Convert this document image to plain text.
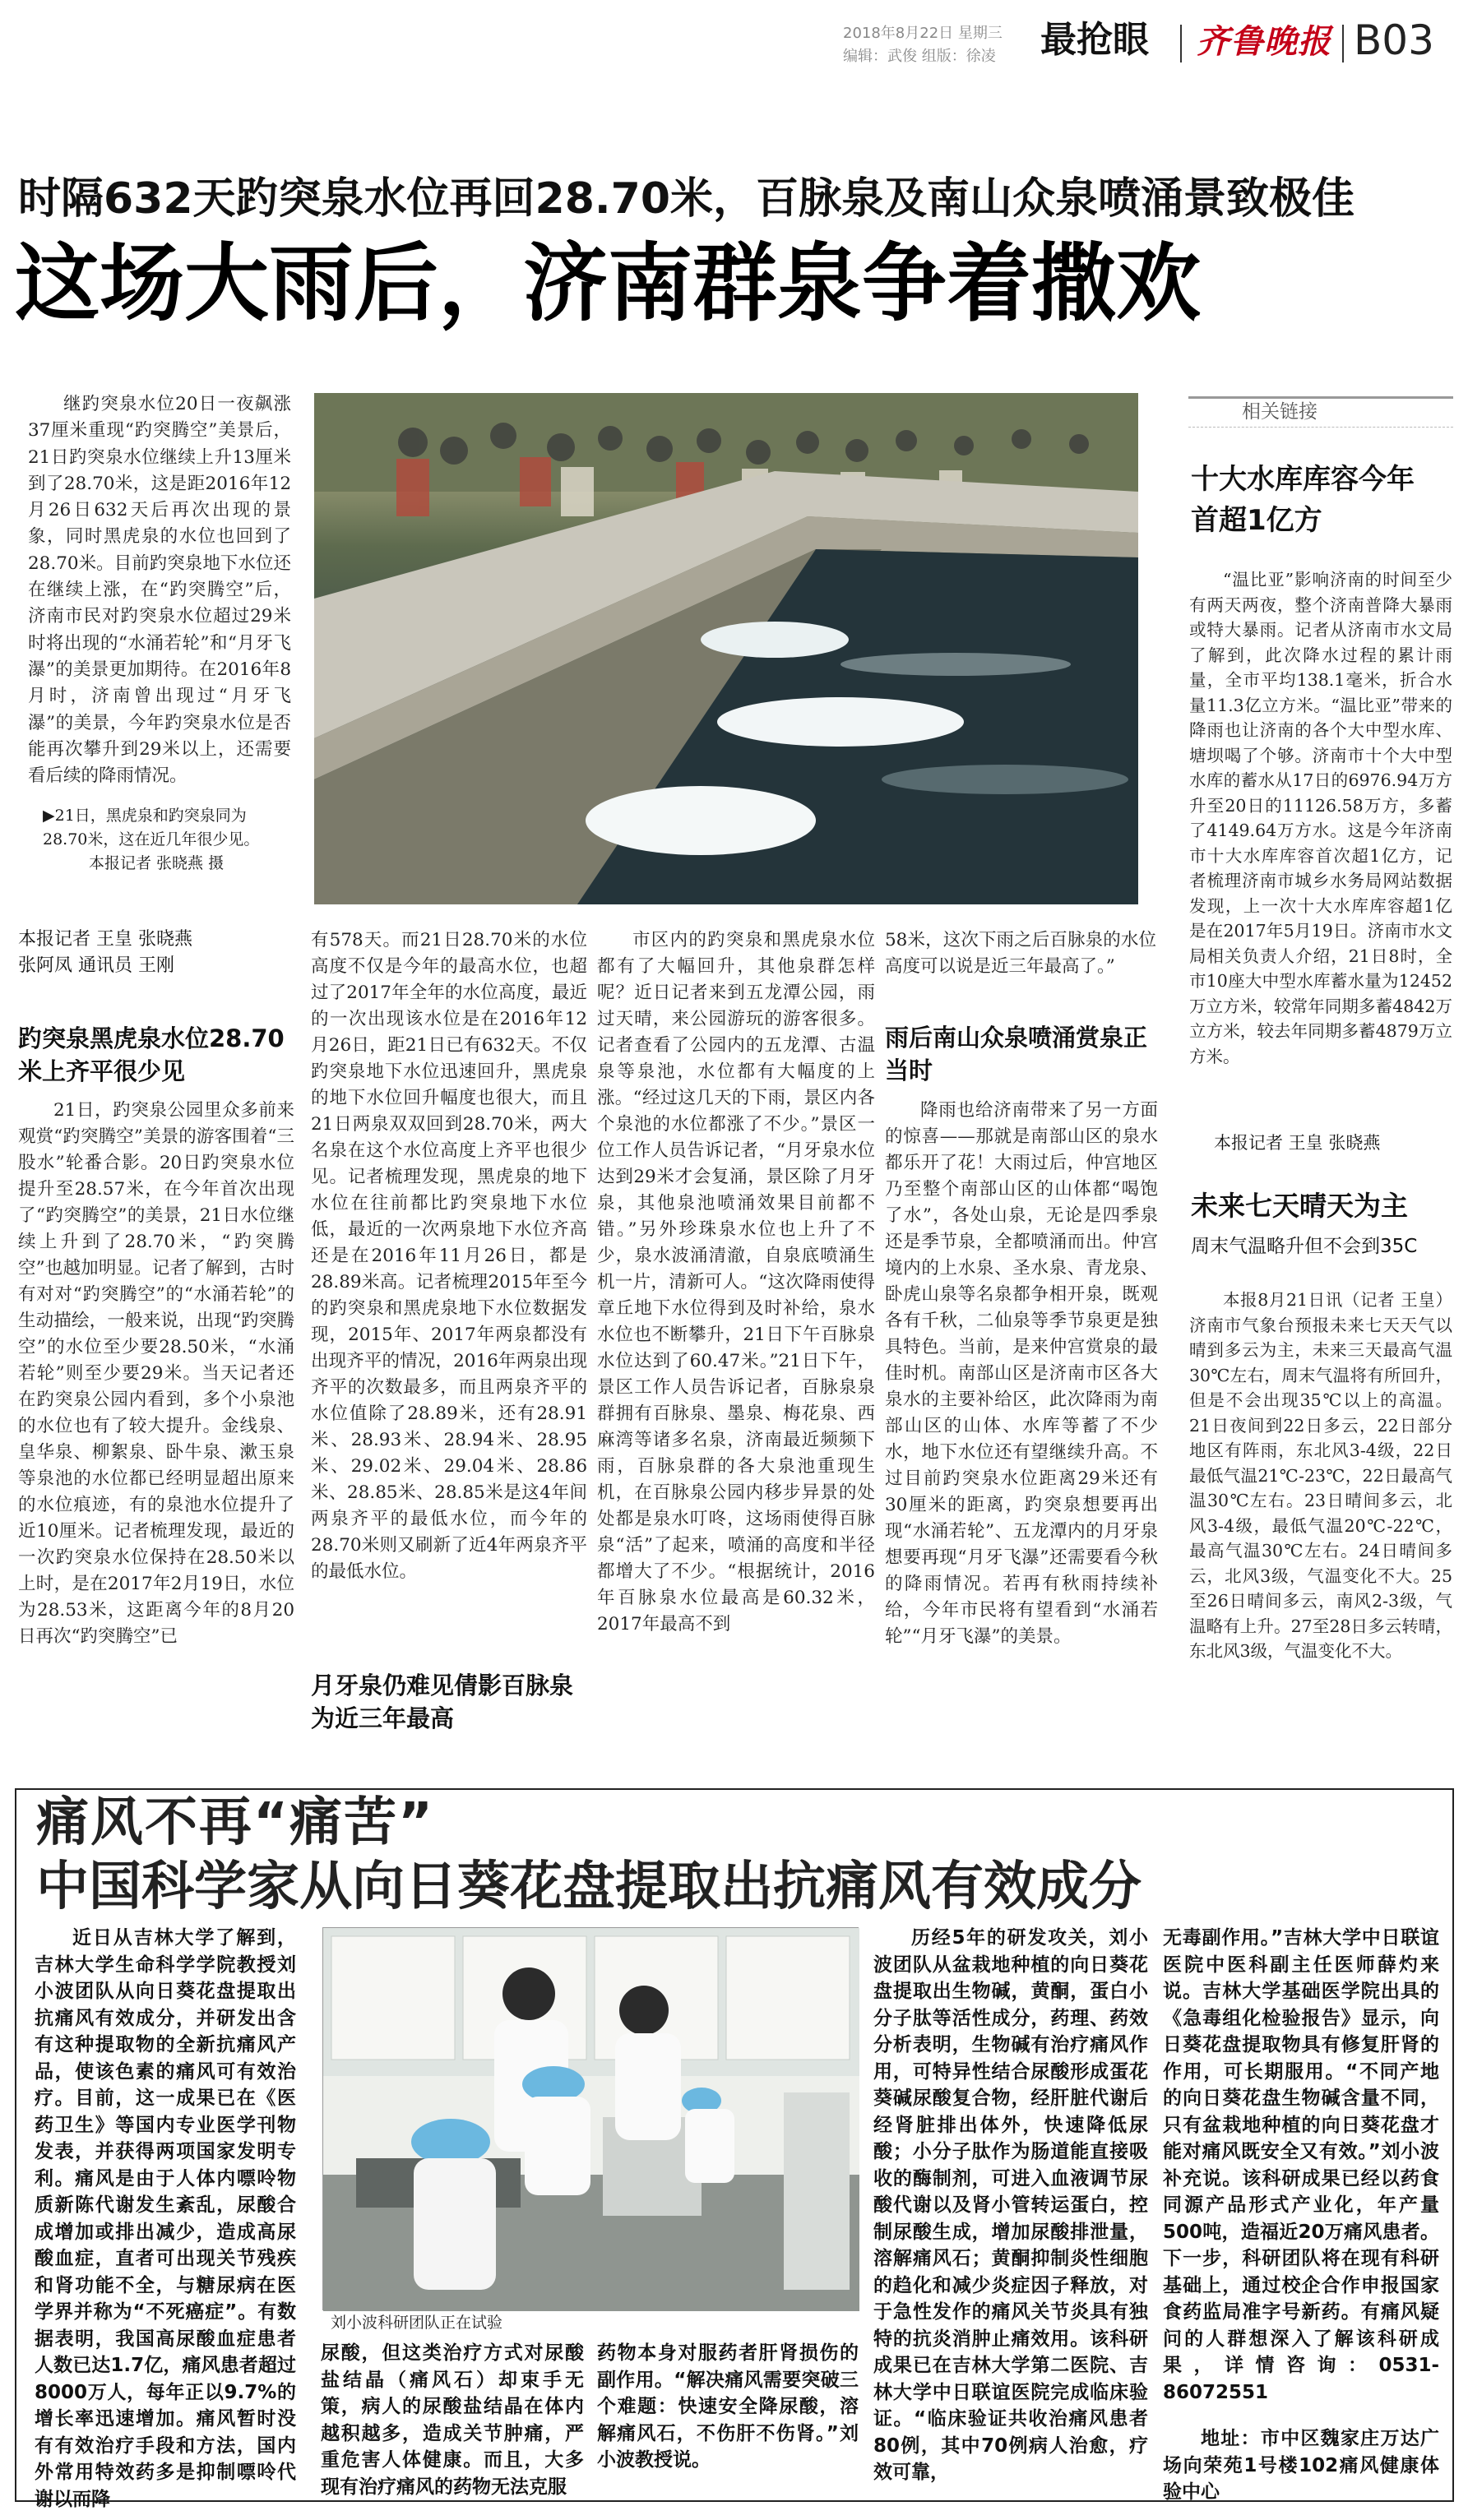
2018年8月22日 星期三
编辑：武俊 组版：徐凌 最抢眼 齐鲁晚报 B03
时隔632天趵突泉水位再回28.70米，百脉泉及南山众泉喷涌景致极佳
这场大雨后，济南群泉争着撒欢
继趵突泉水位20日一夜飙涨37厘米重现“趵突腾空”美景后，21日趵突泉水位继续上升13厘米到了28.70米，这是距2016年12月26日632天后再次出现的景象，同时黑虎泉的水位也回到了28.70米。目前趵突泉地下水位还在继续上涨，在“趵突腾空”后，济南市民对趵突泉水位超过29米时将出现的“水涌若轮”和“月牙飞瀑”的美景更加期待。在2016年8月时，济南曾出现过“月牙飞瀑”的美景，今年趵突泉水位是否能再次攀升到29米以上，还需要看后续的降雨情况。
▶21日，黑虎泉和趵突泉同为28.70米，这在近几年很少见。
本报记者 张晓燕 摄
本报记者 王皇 张晓燕
张阿凤 通讯员 王刚
趵突泉黑虎泉水位28.70米上齐平很少见
21日，趵突泉公园里众多前来观赏“趵突腾空”美景的游客围着“三股水”轮番合影。20日趵突泉水位提升至28.57米，在今年首次出现了“趵突腾空”的美景，21日水位继续上升到了28.70米，“趵突腾空”也越加明显。记者了解到，古时有对对“趵突腾空”的“水涌若轮”的生动描绘，一般来说，出现“趵突腾空”的水位至少要28.50米，“水涌若轮”则至少要29米。当天记者还在趵突泉公园内看到，多个小泉池的水位也有了较大提升。金线泉、皇华泉、柳絮泉、卧牛泉、漱玉泉等泉池的水位都已经明显超出原来的水位痕迹，有的泉池水位提升了近10厘米。记者梳理发现，最近的一次趵突泉水位保持在28.50米以上时，是在2017年2月19日，水位为28.53米，这距离今年的8月20日再次“趵突腾空”已
有578天。而21日28.70米的水位高度不仅是今年的最高水位，也超过了2017年全年的水位高度，最近的一次出现该水位是在2016年12月26日，距21日已有632天。不仅趵突泉地下水位迅速回升，黑虎泉的地下水位回升幅度也很大，而且21日两泉双双回到28.70米，两大名泉在这个水位高度上齐平也很少见。记者梳理发现，黑虎泉的地下水位在往前都比趵突泉地下水位低，最近的一次两泉地下水位齐高还是在2016年11月26日，都是28.89米高。记者梳理2015年至今的趵突泉和黑虎泉地下水位数据发现，2015年、2017年两泉都没有出现齐平的情况，2016年两泉出现齐平的次数最多，而且两泉齐平的水位值除了28.89米，还有28.91米、28.93米、28.94米、28.95米、29.02米、29.04米、28.86米、28.85米、28.85米是这4年间两泉齐平的最低水位，而今年的28.70米则又刷新了近4年两泉齐平的最低水位。
月牙泉仍难见倩影百脉泉为近三年最高
市区内的趵突泉和黑虎泉水位都有了大幅回升，其他泉群怎样呢？近日记者来到五龙潭公园，雨过天晴，来公园游玩的游客很多。记者查看了公园内的五龙潭、古温泉等泉池，水位都有大幅度的上涨。“经过这几天的下雨，景区内各个泉池的水位都涨了不少。”景区一位工作人员告诉记者，“月牙泉水位达到29米才会复涌，景区除了月牙泉，其他泉池喷涌效果目前都不错。”另外珍珠泉水位也上升了不少，泉水波涌清澈，自泉底喷涌生机一片，清新可人。“这次降雨使得章丘地下水位得到及时补给，泉水水位也不断攀升，21日下午百脉泉水位达到了60.47米。”21日下午，景区工作人员告诉记者，百脉泉泉群拥有百脉泉、墨泉、梅花泉、西麻湾等诸多名泉，济南最近频频下雨，百脉泉群的各大泉池重现生机，在百脉泉公园内移步异景的处处都是泉水叮咚，这场雨使得百脉泉“活”了起来，喷涌的高度和半径都增大了不少。“根据统计，2016年百脉泉水位最高是60.32米，2017年最高不到
58米，这次下雨之后百脉泉的水位高度可以说是近三年最高了。”
雨后南山众泉喷涌赏泉正当时
降雨也给济南带来了另一方面的惊喜——那就是南部山区的泉水都乐开了花！大雨过后，仲宫地区乃至整个南部山区的山体都“喝饱了水”，各处山泉，无论是四季泉还是季节泉，全都喷涌而出。仲宫境内的上水泉、圣水泉、青龙泉、卧虎山泉等名泉都争相开泉，既观各有千秋，二仙泉等季节泉更是独具特色。当前，是来仲宫赏泉的最佳时机。南部山区是济南市区各大泉水的主要补给区，此次降雨为南部山区的山体、水库等蓄了不少水，地下水位还有望继续升高。不过目前趵突泉水位距离29米还有30厘米的距离，趵突泉想要再出现“水涌若轮”、五龙潭内的月牙泉想要再现“月牙飞瀑”还需要看今秋的降雨情况。若再有秋雨持续补给，今年市民将有望看到“水涌若轮”“月牙飞瀑”的美景。
相关链接
十大水库库容今年首超1亿方
“温比亚”影响济南的时间至少有两天两夜，整个济南普降大暴雨或特大暴雨。记者从济南市水文局了解到，此次降水过程的累计雨量，全市平均138.1毫米，折合水量11.3亿立方米。“温比亚”带来的降雨也让济南的各个大中型水库、塘坝喝了个够。济南市十个大中型水库的蓄水从17日的6976.94万方升至20日的11126.58万方，多蓄了4149.64万方水。这是今年济南市十大水库库容首次超1亿方，记者梳理济南市城乡水务局网站数据发现，上一次十大水库库容超1亿是在2017年5月19日。济南市水文局相关负责人介绍，21日8时，全市10座大中型水库蓄水量为12452万立方米，较常年同期多蓄4842万立方米，较去年同期多蓄4879万立方米。
本报记者 王皇 张晓燕
未来七天晴天为主
周末气温略升但不会到35C
本报8月21日讯（记者 王皇） 济南市气象台预报未来七天天气以晴到多云为主，未来三天最高气温30℃左右，周末气温将有所回升，但是不会出现35℃以上的高温。21日夜间到22日多云，22日部分地区有阵雨，东北风3-4级，22日最低气温21℃-23℃，22日最高气温30℃左右。23日晴间多云，北风3-4级，最低气温20℃-22℃，最高气温30℃左右。24日晴间多云，北风3级，气温变化不大。25至26日晴间多云，南风2-3级，气温略有上升。27至28日多云转晴，东北风3级，气温变化不大。
痛风不再“痛苦”
中国科学家从向日葵花盘提取出抗痛风有效成分
近日从吉林大学了解到，吉林大学生命科学学院教授刘小波团队从向日葵花盘提取出抗痛风有效成分，并研发出含有这种提取物的全新抗痛风产品，使该色素的痛风可有效治疗。目前，这一成果已在《医药卫生》等国内专业医学刊物发表，并获得两项国家发明专利。痛风是由于人体内嘌呤物质新陈代谢发生紊乱，尿酸合成增加或排出减少，造成高尿酸血症，直者可出现关节残疾和肾功能不全，与糖尿病在医学界并称为“不死癌症”。有数据表明，我国高尿酸血症患者人数已达1.7亿，痛风患者超过8000万人，每年正以9.7%的增长率迅速增加。痛风暂时没有有效治疗手段和方法，国内外常用特效药多是抑制嘌呤代谢以而降
刘小波科研团队正在试验
尿酸，但这类治疗方式对尿酸盐结晶（痛风石）却束手无策，病人的尿酸盐结晶在体内越积越多，造成关节肿痛，严重危害人体健康。而且，大多现有治疗痛风的药物无法克服
药物本身对服药者肝肾损伤的副作用。“解决痛风需要突破三个难题：快速安全降尿酸，溶解痛风石，不伤肝不伤肾。”刘小波教授说。
历经5年的研发攻关，刘小波团队从盆栽地种植的向日葵花盘提取出生物碱，黄酮，蛋白小分子肽等活性成分，药理、药效分析表明，生物碱有治疗痛风作用，可特异性结合尿酸形成蛋花葵碱尿酸复合物，经肝脏代谢后经肾脏排出体外，快速降低尿酸；小分子肽作为肠道能直接吸收的酶制剂，可进入血液调节尿酸代谢以及肾小管转运蛋白，控制尿酸生成，增加尿酸排泄量，溶解痛风石；黄酮抑制炎性细胞的趋化和减少炎症因子释放，对于急性发作的痛风关节炎具有独特的抗炎消肿止痛效用。该科研成果已在吉林大学第二医院、吉林大学中日联谊医院完成临床验证。“临床验证共收治痛风患者80例，其中70例病人治愈，疗效可靠，
无毒副作用。”吉林大学中日联谊医院中医科副主任医师薛灼来说。吉林大学基础医学院出具的《急毒组化检验报告》显示，向日葵花盘提取物具有修复肝肾的作用，可长期服用。“不同产地的向日葵花盘生物碱含量不同，只有盆栽地种植的向日葵花盘才能对痛风既安全又有效。”刘小波补充说。该科研成果已经以药食同源产品形式产业化，年产量500吨，造福近20万痛风患者。下一步，科研团队将在现有科研基础上，通过校企合作申报国家食药监局准字号新药。有痛风疑问的人群想深入了解该科研成果，详情咨询：0531-86072551
地址：市中区魏家庄万达广场向荣苑1号楼102痛风健康体验中心
